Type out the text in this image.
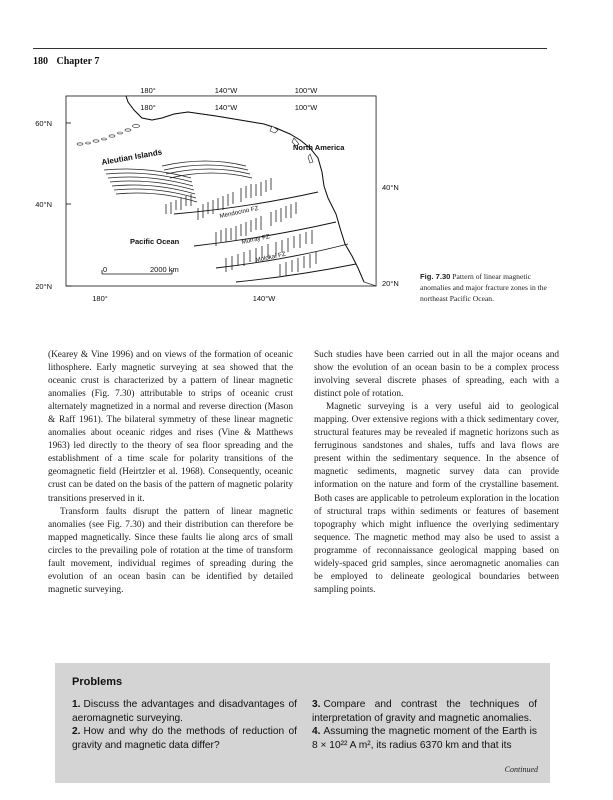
180 Chapter 7
180°	140°W	100°W
180°	140°W	100°W
60°N
40°N
20°N
40°N
20°N
180°	140°W
North America
Pacific Ocean
0	2000 km
Aleutian Islands
Mendocino FZ
Murray FZ
Molokai FZ
Fig. 7.30 Pattern of linear magnetic anomalies and major fracture zones in the northeast Pacific Ocean.

(Kearey & Vine 1996) and on views of the formation of oceanic lithosphere. Early magnetic surveying at sea showed that the oceanic crust is characterized by a pattern of linear magnetic anomalies (Fig. 7.30) attributable to strips of oceanic crust alternately magnetized in a normal and reverse direction (Mason & Raff 1961). The bilateral symmetry of these linear magnetic anomalies about oceanic ridges and rises (Vine & Matthews 1963) led directly to the theory of sea floor spreading and the establishment of a time scale for polarity transitions of the geomagnetic field (Heirtzler et al. 1968). Consequently, oceanic crust can be dated on the basis of the pattern of magnetic polarity transitions preserved in it.

Transform faults disrupt the pattern of linear magnetic anomalies (see Fig. 7.30) and their distribution can therefore be mapped magnetically. Since these faults lie along arcs of small circles to the prevailing pole of rotation at the time of transform fault movement, individual regimes of spreading during the evolution of an ocean basin can be identified by detailed magnetic surveying.

Such studies have been carried out in all the major oceans and show the evolution of an ocean basin to be a complex process involving several discrete phases of spreading, each with a distinct pole of rotation.

Magnetic surveying is a very useful aid to geological mapping. Over extensive regions with a thick sedimentary cover, structural features may be revealed if magnetic horizons such as ferruginous sandstones and shales, tuffs and lava flows are present within the sedimentary sequence. In the absence of magnetic sediments, magnetic survey data can provide information on the nature and form of the crystalline basement. Both cases are applicable to petroleum exploration in the location of structural traps within sediments or features of basement topography which might influence the overlying sedimentary sequence. The magnetic method may also be used to assist a programme of reconnaissance geological mapping based on widely-spaced grid samples, since aeromagnetic anomalies can be employed to delineate geological boundaries between sampling points.

Problems

1. Discuss the advantages and disadvantages of aeromagnetic surveying.

2. How and why do the methods of reduction of gravity and magnetic data differ?

3. Compare and contrast the techniques of interpretation of gravity and magnetic anomalies.

4. Assuming the magnetic moment of the Earth is 8 × 10²² A m², its radius 6370 km and that its

Continued
